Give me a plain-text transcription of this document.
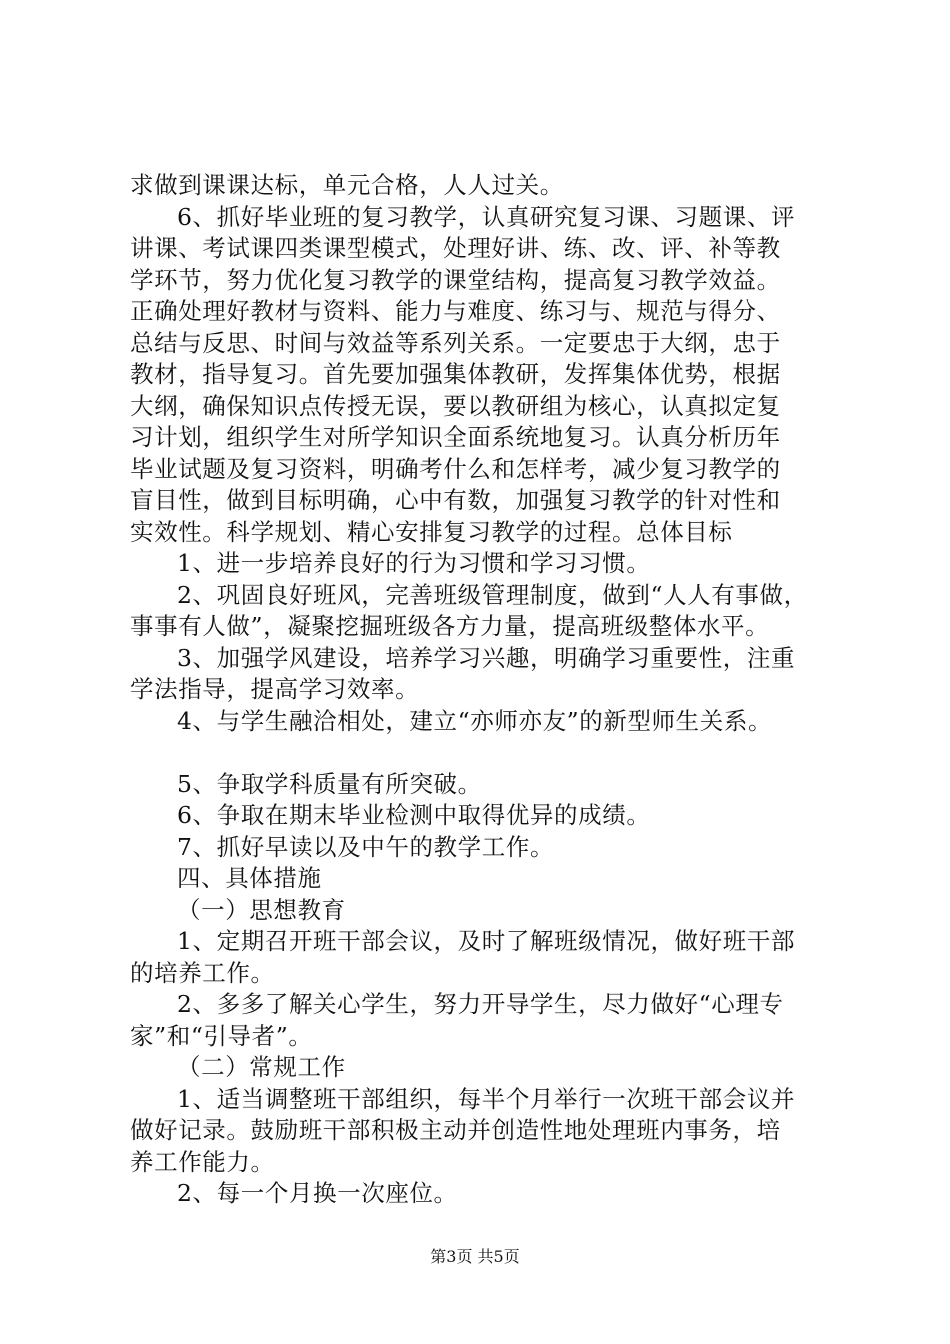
求做到课课达标，单元合格，人人过关。
6、抓好毕业班的复习教学，认真研究复习课、习题课、评
讲课、考试课四类课型模式，处理好讲、练、改、评、补等教
学环节，努力优化复习教学的课堂结构，提高复习教学效益。
正确处理好教材与资料、能力与难度、练习与、规范与得分、
总结与反思、时间与效益等系列关系。一定要忠于大纲，忠于
教材，指导复习。首先要加强集体教研，发挥集体优势，根据
大纲，确保知识点传授无误，要以教研组为核心，认真拟定复
习计划，组织学生对所学知识全面系统地复习。认真分析历年
毕业试题及复习资料，明确考什么和怎样考，减少复习教学的
盲目性，做到目标明确，心中有数，加强复习教学的针对性和
实效性。科学规划、精心安排复习教学的过程。总体目标
1、进一步培养良好的行为习惯和学习习惯。
2、巩固良好班风，完善班级管理制度，做到“人人有事做，
事事有人做”，凝聚挖掘班级各方力量，提高班级整体水平。
3、加强学风建设，培养学习兴趣，明确学习重要性，注重
学法指导，提高学习效率。
4、与学生融洽相处，建立“亦师亦友”的新型师生关系。
5、争取学科质量有所突破。
6、争取在期末毕业检测中取得优异的成绩。
7、抓好早读以及中午的教学工作。
四、具体措施
（一）思想教育
1、定期召开班干部会议，及时了解班级情况，做好班干部
的培养工作。
2、多多了解关心学生，努力开导学生，尽力做好“心理专
家”和“引导者”。
（二）常规工作
1、适当调整班干部组织，每半个月举行一次班干部会议并
做好记录。鼓励班干部积极主动并创造性地处理班内事务，培
养工作能力。
2、每一个月换一次座位。
第3页 共5页
